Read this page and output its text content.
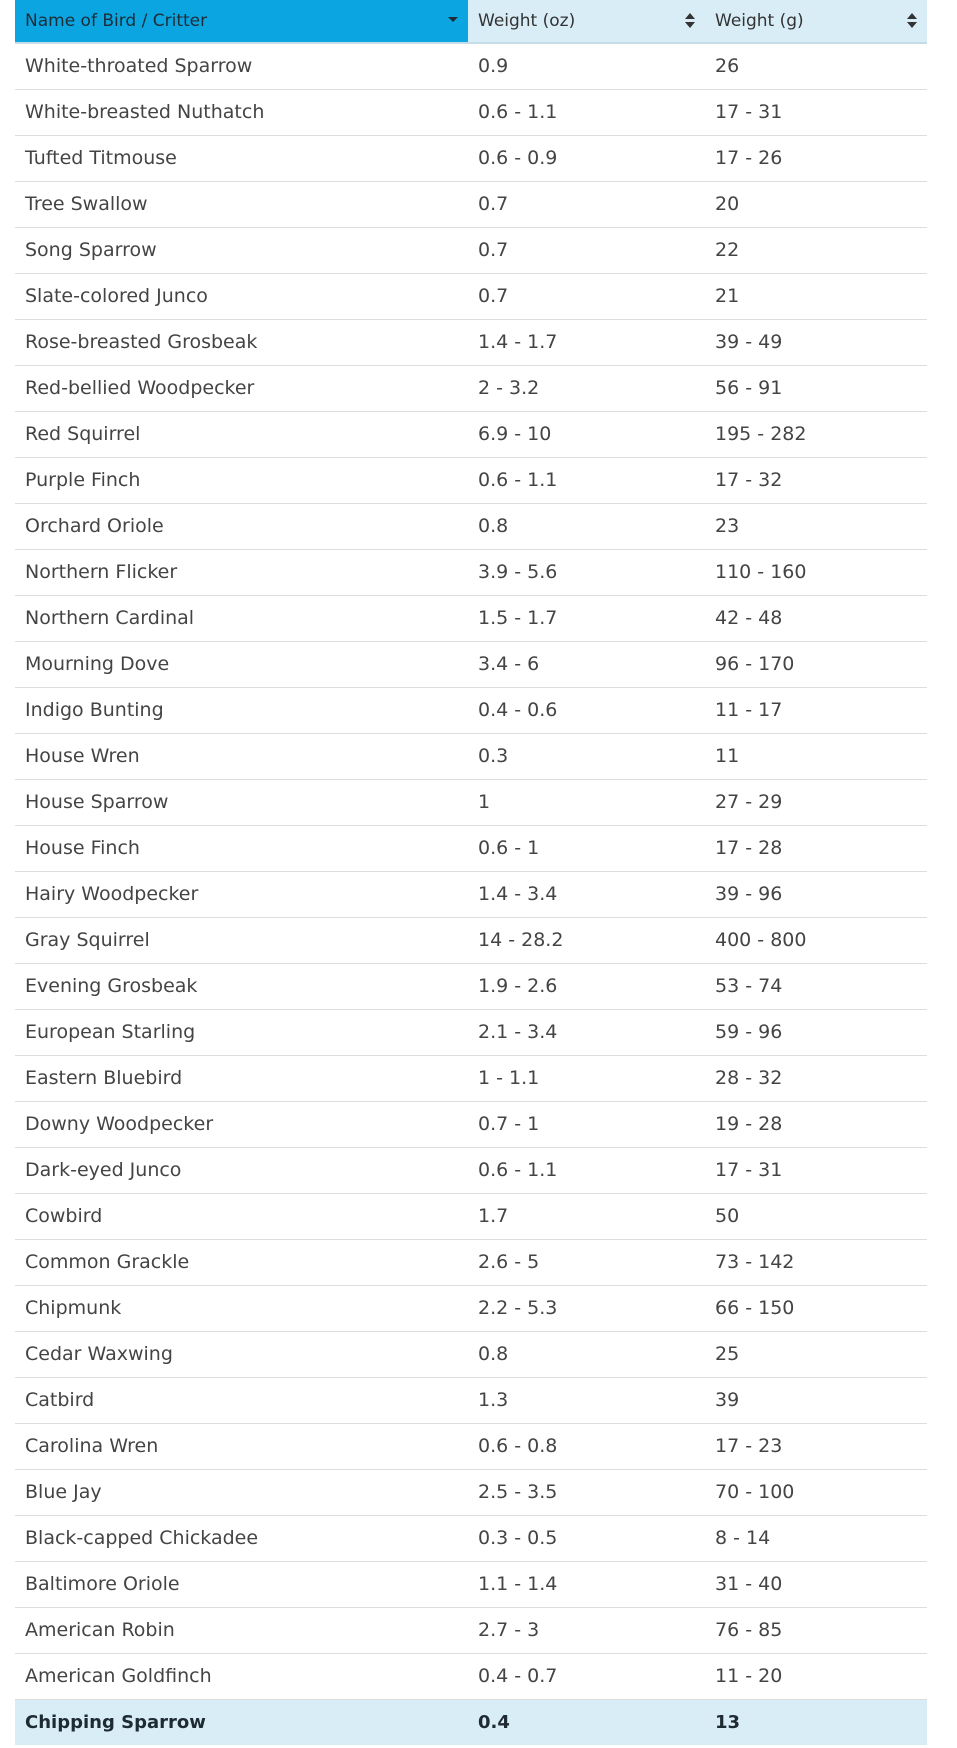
Name of Bird / Critter	Weight (oz)	Weight (g)

White-throated Sparrow	0.9	26
White-breasted Nuthatch	0.6 - 1.1	17 - 31
Tufted Titmouse	0.6 - 0.9	17 - 26
Tree Swallow	0.7	20
Song Sparrow	0.7	22
Slate-colored Junco	0.7	21
Rose-breasted Grosbeak	1.4 - 1.7	39 - 49
Red-bellied Woodpecker	2 - 3.2	56 - 91
Red Squirrel	6.9 - 10	195 - 282
Purple Finch	0.6 - 1.1	17 - 32
Orchard Oriole	0.8	23
Northern Flicker	3.9 - 5.6	110 - 160
Northern Cardinal	1.5 - 1.7	42 - 48
Mourning Dove	3.4 - 6	96 - 170
Indigo Bunting	0.4 - 0.6	11 - 17
House Wren	0.3	11
House Sparrow	1	27 - 29
House Finch	0.6 - 1	17 - 28
Hairy Woodpecker	1.4 - 3.4	39 - 96
Gray Squirrel	14 - 28.2	400 - 800
Evening Grosbeak	1.9 - 2.6	53 - 74
European Starling	2.1 - 3.4	59 - 96
Eastern Bluebird	1 - 1.1	28 - 32
Downy Woodpecker	0.7 - 1	19 - 28
Dark-eyed Junco	0.6 - 1.1	17 - 31
Cowbird	1.7	50
Common Grackle	2.6 - 5	73 - 142
Chipmunk	2.2 - 5.3	66 - 150
Cedar Waxwing	0.8	25
Catbird	1.3	39
Carolina Wren	0.6 - 0.8	17 - 23
Blue Jay	2.5 - 3.5	70 - 100
Black-capped Chickadee	0.3 - 0.5	8 - 14
Baltimore Oriole	1.1 - 1.4	31 - 40
American Robin	2.7 - 3	76 - 85
American Goldfinch	0.4 - 0.7	11 - 20
Chipping Sparrow	0.4	13
